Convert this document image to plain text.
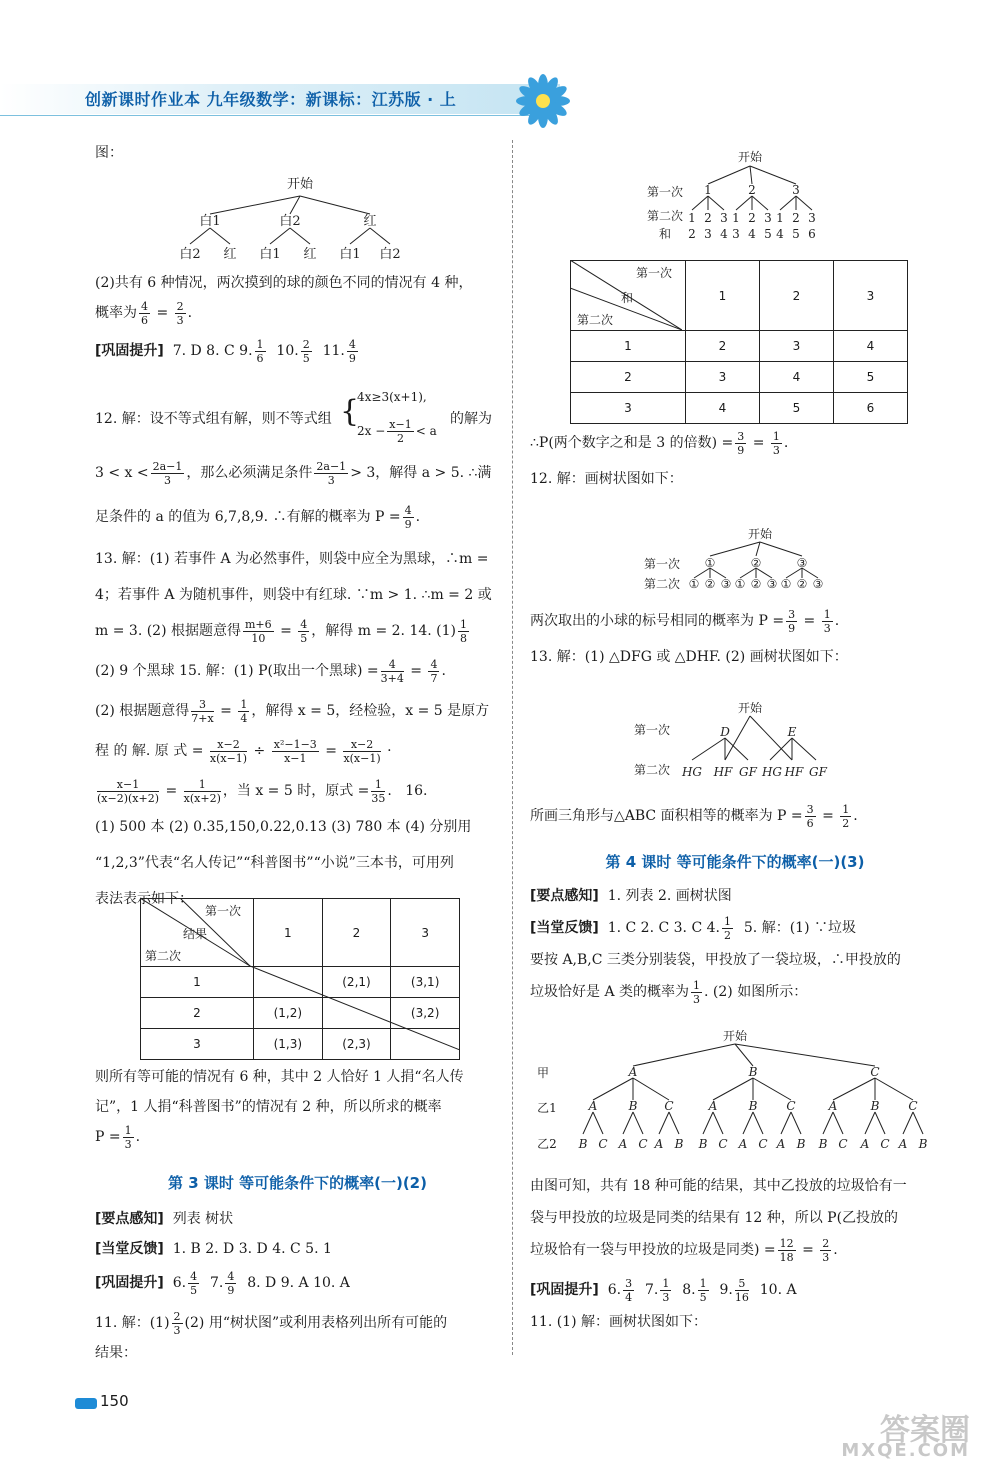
创新课时作业本 九年级数学：新课标：江苏版 · 上
图：
开始
白1	白2	红
白2 红 白1 红 白1 白2

(2)共有 6 种情况，两次摸到的球的颜色不同的情况有 4 种，

概率为 $\frac{4}{6} = \frac{2}{3}$ .

[巩固提升] 7. D 8. C 9. $\frac{1}{6} 10$. $\frac{2}{5} 11$. $\frac{4}{9}$

12. 解：设不等式组有解，则不等式组 {
4x≥3(x+1),
$2x - \frac{x-1}{2} < a$
的解为

$3 < x < \frac{2a-1}{3}$ ，那么必须满足条件 $\frac{2a-1}{3} > 3$，解得 a > 5. ∴满

足条件的 a 的值为 6,7,8,9. ∴有解的概率为 $P = \frac{4}{9}$ .

13. 解：(1) 若事件 A 为必然事件，则袋中应全为黑球，∴m =

4；若事件 A 为随机事件，则袋中有红球. ∵m > 1. ∴m = 2 或

m = 3. (2) 根据题意得 $\frac{m+6}{10} = \frac{4}{5}$ ，解得 m = 2. 14. $(1) \frac{1}{8}$

(2) 9 个黑球 15. 解：(1) P(取出一个黑球) = $\frac{4}{3+4} = \frac{4}{7}$ .

(2) 根据题意得 $\frac{3}{7+x} = \frac{1}{4}$ ，解得 x = 5，经检验，x = 5 是原方

程 的 解. 原 式 = $\frac{x-2}{x(x-1)} \div \frac{\text{x²−1−3}}{x-1} = \frac{x-2}{x(x-1)}$ ·

$\frac{x-1}{(x-2)(x+2)} = \frac{1}{x(x+2)}$ ，当 x = 5 时，原式 = $\frac{1}{35}$ .   16.

(1) 500 本 (2) 0.35,150,0.22,0.13 (3) 780 本 (4) 分别用

“1,2,3”代表“名人传记”“科普图书”“小说”三本书，可用列

表法表示如下：

第一次
结果
第二次	1	2	3
1		(2,1)	(3,1)
2	(1,2)		(3,2)
3	(1,3)	(2,3)	

则所有等可能的情况有 6 种，其中 2 人恰好 1 人捐“名人传

记”，1 人捐“科普图书”的情况有 2 种，所以所求的概率

$P = \frac{1}{3}$ .

第 3 课时 等可能条件下的概率(一)(2)

[要点感知] 列表 树状

[当堂反馈] 1. B 2. D 3. D 4. C 5. 1

[巩固提升] 6. $\frac{4}{5} 7$. $\frac{4}{9} 8$. D 9. A 10. A

11. 解：$(1) \frac{2}{3} (2)$ 用“树状图”或利用表格列出所有可能的

结果：

开始
第一次
第二次
和
1	2	3
1 2 3 1 2 3 1 2 3
2 3 4 3 4 5 4 5 6
第一次
和
第二次	1	2	3
1	2	3	4
2	3	4	5
3	4	5	6

∴P(两个数字之和是 3 的倍数) = $\frac{3}{9} = \frac{1}{3}$ .

12. 解：画树状图如下：

开始
第一次
第二次
①	②	③
① ② ③ ① ② ③ ① ② ③

两次取出的小球的标号相同的概率为 $P = \frac{3}{9} = \frac{1}{3}$ .

13. 解：(1) △DFG 或 △DHF. (2) 画树状图如下：

开始
第一次
第二次
D	E
HG HF GF HG HF GF

所画三角形与△ABC 面积相等的概率为 $P = \frac{3}{6} = \frac{1}{2}$ .

第 4 课时 等可能条件下的概率(一)(3)

[要点感知] 1. 列表 2. 画树状图

[当堂反馈] 1. C 2. C 3. C 4. $\frac{1}{2} 5$. 解：(1) ∵垃圾

要按 A,B,C 三类分别装袋，甲投放了一袋垃圾，∴甲投放的

垃圾恰好是 A 类的概率为 $\frac{1}{3}$ . (2) 如图所示：

开始
甲
乙1
乙2
A	B	C
A	B C	A	B C	A	B C
B C A C A B B C A C A B B C A C A B

由图可知，共有 18 种可能的结果，其中乙投放的垃圾恰有一

袋与甲投放的垃圾是同类的结果有 12 种，所以 P(乙投放的

垃圾恰有一袋与甲投放的垃圾是同类) = $\frac{12}{18} = \frac{2}{3}$ .

[巩固提升] 6. $\frac{3}{4} 7$. $\frac{1}{3} 8$. $\frac{1}{5} 9$. $\frac{5}{16} 10$. A

11. (1) 解：画树状图如下：

150
答案圈
MXQE.COM
